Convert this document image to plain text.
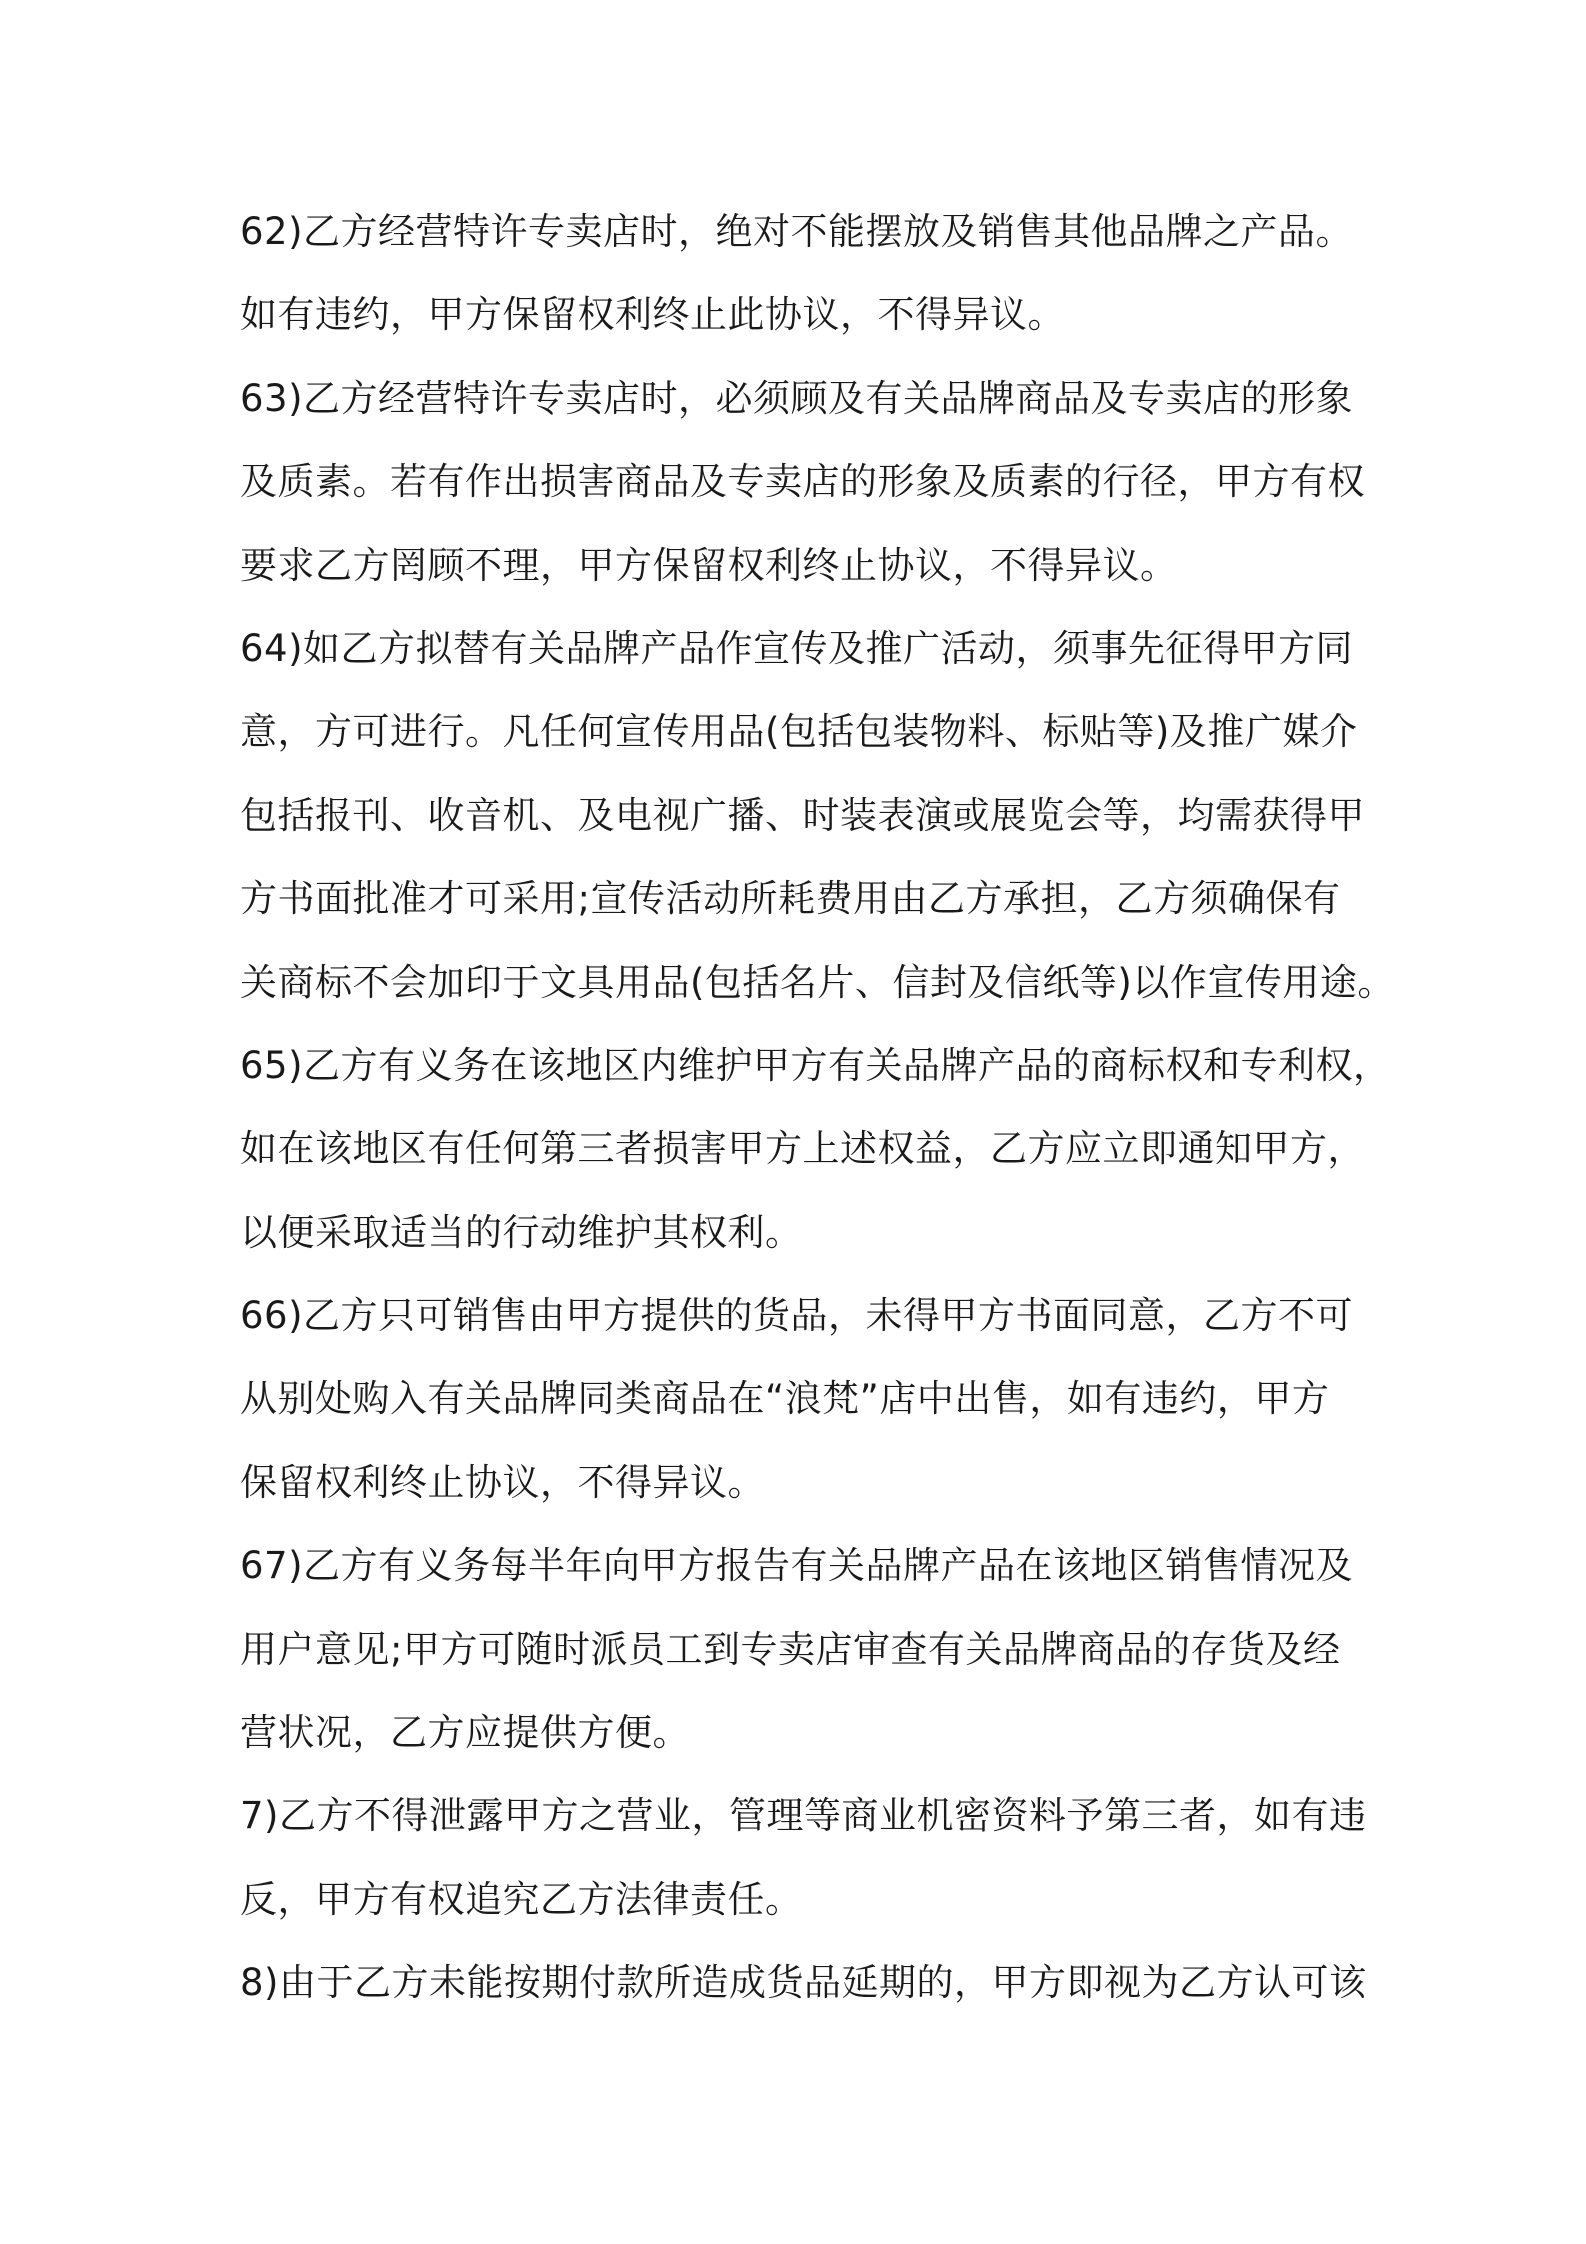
62)乙方经营特许专卖店时，绝对不能摆放及销售其他品牌之产品。
如有违约，甲方保留权利终止此协议，不得异议。
63)乙方经营特许专卖店时，必须顾及有关品牌商品及专卖店的形象
及质素。若有作出损害商品及专卖店的形象及质素的行径，甲方有权
要求乙方罔顾不理，甲方保留权利终止协议，不得异议。
64)如乙方拟替有关品牌产品作宣传及推广活动，须事先征得甲方同
意，方可进行。凡任何宣传用品(包括包装物料、标贴等)及推广媒介
包括报刊、收音机、及电视广播、时装表演或展览会等，均需获得甲
方书面批准才可采用;宣传活动所耗费用由乙方承担，乙方须确保有
关商标不会加印于文具用品(包括名片、信封及信纸等)以作宣传用途。
65)乙方有义务在该地区内维护甲方有关品牌产品的商标权和专利权，
如在该地区有任何第三者损害甲方上述权益，乙方应立即通知甲方，
以便采取适当的行动维护其权利。
66)乙方只可销售由甲方提供的货品，未得甲方书面同意，乙方不可
从别处购入有关品牌同类商品在“浪梵”店中出售，如有违约，甲方
保留权利终止协议，不得异议。
67)乙方有义务每半年向甲方报告有关品牌产品在该地区销售情况及
用户意见;甲方可随时派员工到专卖店审查有关品牌商品的存货及经
营状况，乙方应提供方便。
7)乙方不得泄露甲方之营业，管理等商业机密资料予第三者，如有违
反，甲方有权追究乙方法律责任。
8)由于乙方未能按期付款所造成货品延期的，甲方即视为乙方认可该
